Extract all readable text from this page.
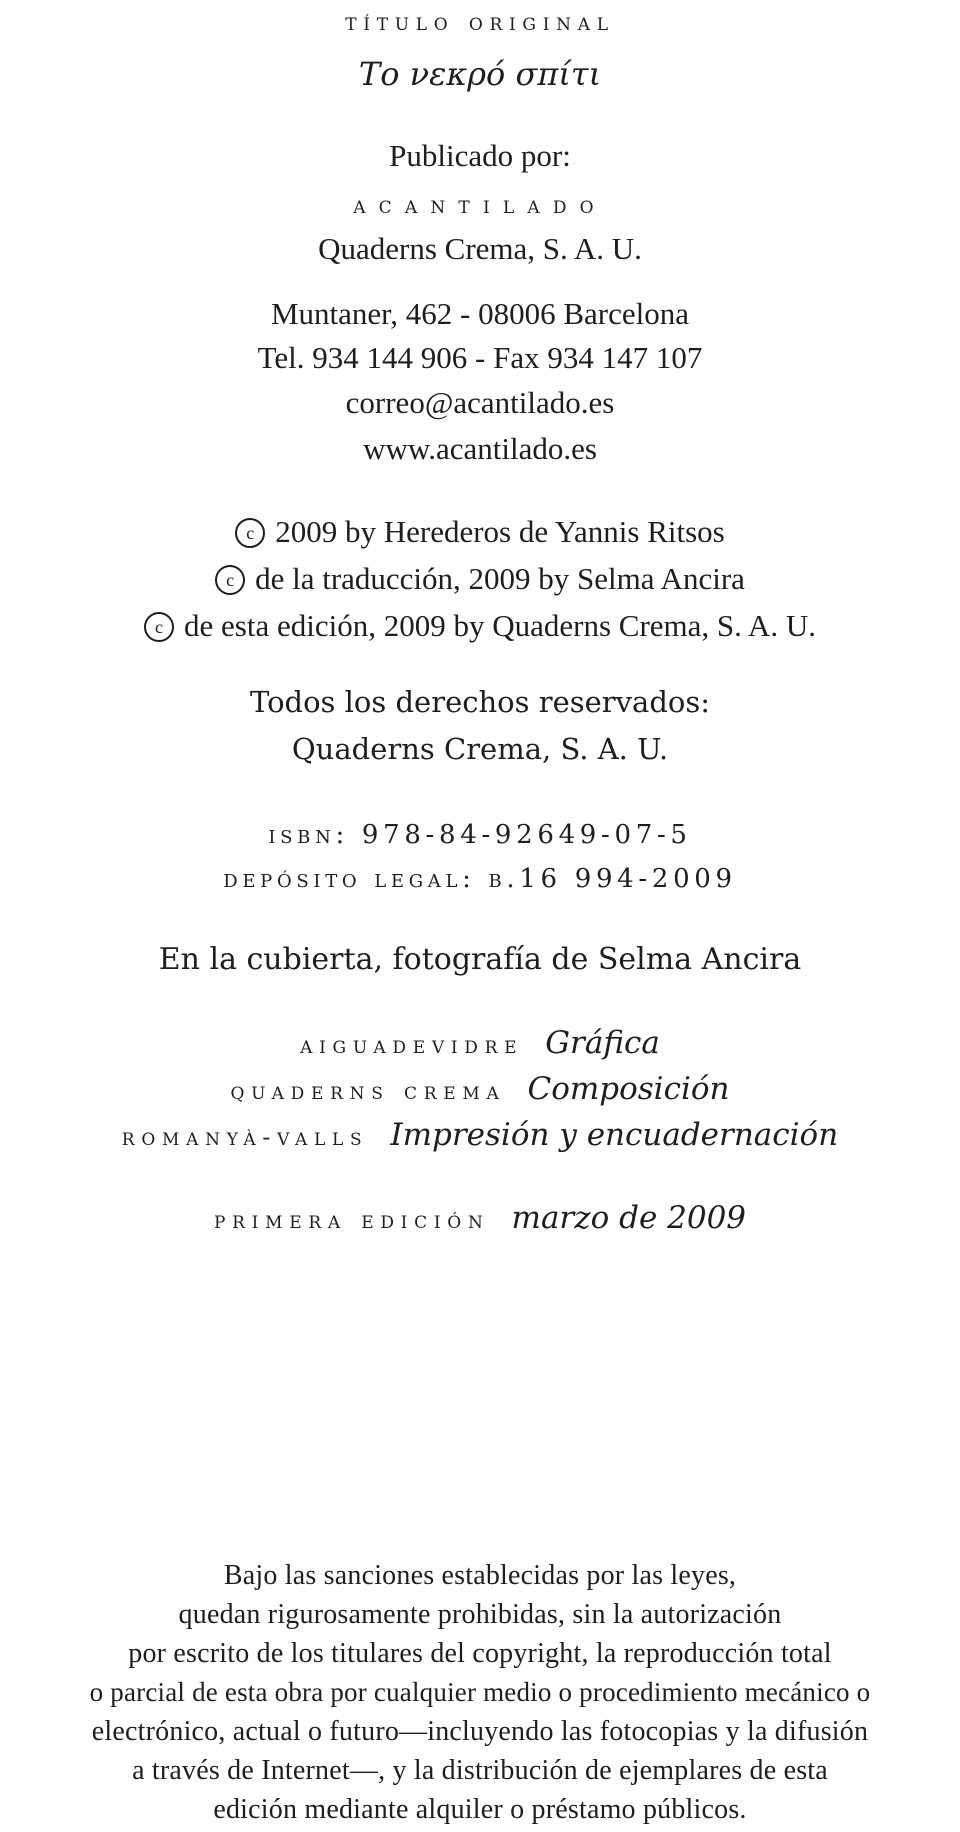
título original
Το νεκρό σπίτι
Publicado por:
acantilado
Quaderns Crema, S. A. U.
Muntaner, 462 - 08006 Barcelona
Tel. 934 144 906 - Fax 934 147 107
correo@acantilado.es
www.acantilado.es
c 2009 by Herederos de Yannis Ritsos
c de la traducción, 2009 by Selma Ancira
c de esta edición, 2009 by Quaderns Crema, S. A. U.
Todos los derechos reservados:
Quaderns Crema, S. A. U.
isbn: 978-84-92649-07-5
depósito legal: b.16 994-2009
En la cubierta, fotografía de Selma Ancira
aiguadevidre Gráfica
quaderns crema Composición
romanyà-valls Impresión y encuadernación
primera edición marzo de 2009
Bajo las sanciones establecidas por las leyes,
quedan rigurosamente prohibidas, sin la autorización
por escrito de los titulares del copyright, la reproducción total
o parcial de esta obra por cualquier medio o procedimiento mecánico o
electrónico, actual o futuro—incluyendo las fotocopias y la difusión
a través de Internet—, y la distribución de ejemplares de esta
edición mediante alquiler o préstamo públicos.
